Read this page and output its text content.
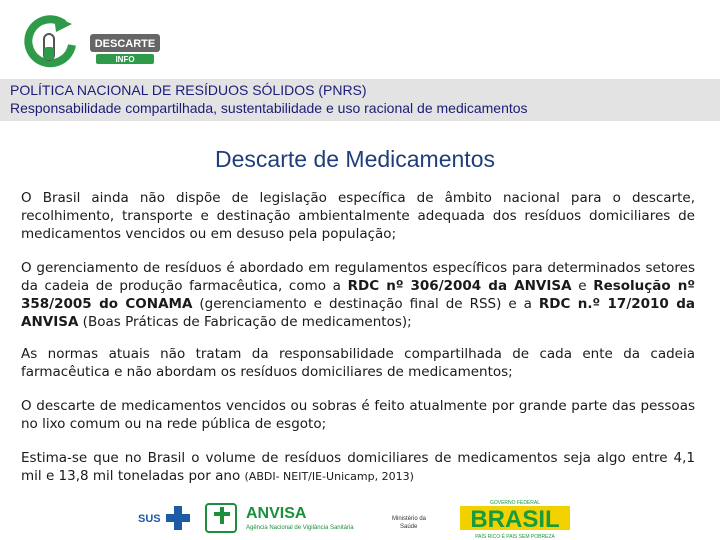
DESCARTE
INFO
POLÍTICA NACIONAL DE RESÍDUOS SÓLIDOS (PNRS)
Responsabilidade compartilhada, sustentabilidade e uso racional de medicamentos
Descarte de Medicamentos
O Brasil ainda não dispõe de legislação específica de âmbito nacional para o descarte, recolhimento, transporte e destinação ambientalmente adequada dos resíduos domiciliares de medicamentos vencidos ou em desuso pela população;
O gerenciamento de resíduos é abordado em regulamentos específicos para determinados setores da cadeia de produção farmacêutica, como a RDC nº 306/2004 da ANVISA e Resolução nº 358/2005 do CONAMA (gerenciamento e destinação final de RSS) e a RDC n.º 17/2010 da ANVISA (Boas Práticas de Fabricação de medicamentos);
As normas atuais não tratam da responsabilidade compartilhada de cada ente da cadeia farmacêutica e não abordam os resíduos domiciliares de medicamentos;
O descarte de medicamentos vencidos ou sobras é feito atualmente por grande parte das pessoas no lixo comum ou na rede pública de esgoto;
Estima-se que no Brasil o volume de resíduos domiciliares de medicamentos seja algo entre 4,1 mil e 13,8 mil toneladas por ano (ABDI- NEIT/IE-Unicamp, 2013)
SUS	ANVISA
Agência Nacional de Vigilância Sanitária
Ministério da
Saúde
GOVERNO FEDERAL
BRASIL
PAÍS RICO É PAÍS SEM POBREZA
